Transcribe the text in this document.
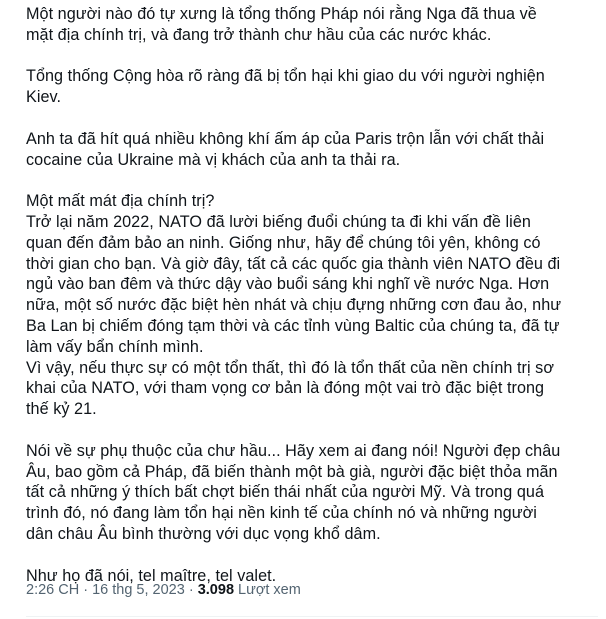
Một người nào đó tự xưng là tổng thống Pháp nói rằng Nga đã thua về
mặt địa chính trị, và đang trở thành chư hầu của các nước khác.

Tổng thống Cộng hòa rõ ràng đã bị tổn hại khi giao du với người nghiện
Kiev.

Anh ta đã hít quá nhiều không khí ấm áp của Paris trộn lẫn với chất thải
cocaine của Ukraine mà vị khách của anh ta thải ra.

Một mất mát địa chính trị?
Trở lại năm 2022, NATO đã lười biếng đuổi chúng ta đi khi vấn đề liên
quan đến đảm bảo an ninh. Giống như, hãy để chúng tôi yên, không có
thời gian cho bạn. Và giờ đây, tất cả các quốc gia thành viên NATO đều đi
ngủ vào ban đêm và thức dậy vào buổi sáng khi nghĩ về nước Nga. Hơn
nữa, một số nước đặc biệt hèn nhát và chịu đựng những cơn đau ảo, như
Ba Lan bị chiếm đóng tạm thời và các tỉnh vùng Baltic của chúng ta, đã tự
làm vấy bẩn chính mình.
Vì vậy, nếu thực sự có một tổn thất, thì đó là tổn thất của nền chính trị sơ
khai của NATO, với tham vọng cơ bản là đóng một vai trò đặc biệt trong
thế kỷ 21.

Nói về sự phụ thuộc của chư hầu... Hãy xem ai đang nói! Người đẹp châu
Âu, bao gồm cả Pháp, đã biến thành một bà già, người đặc biệt thỏa mãn
tất cả những ý thích bất chợt biến thái nhất của người Mỹ. Và trong quá
trình đó, nó đang làm tổn hại nền kinh tế của chính nó và những người
dân châu Âu bình thường với dục vọng khổ dâm.

Như họ đã nói, tel maître, tel valet.

2:26 CH · 16 thg 5, 2023 · 3.098 Lượt xem
